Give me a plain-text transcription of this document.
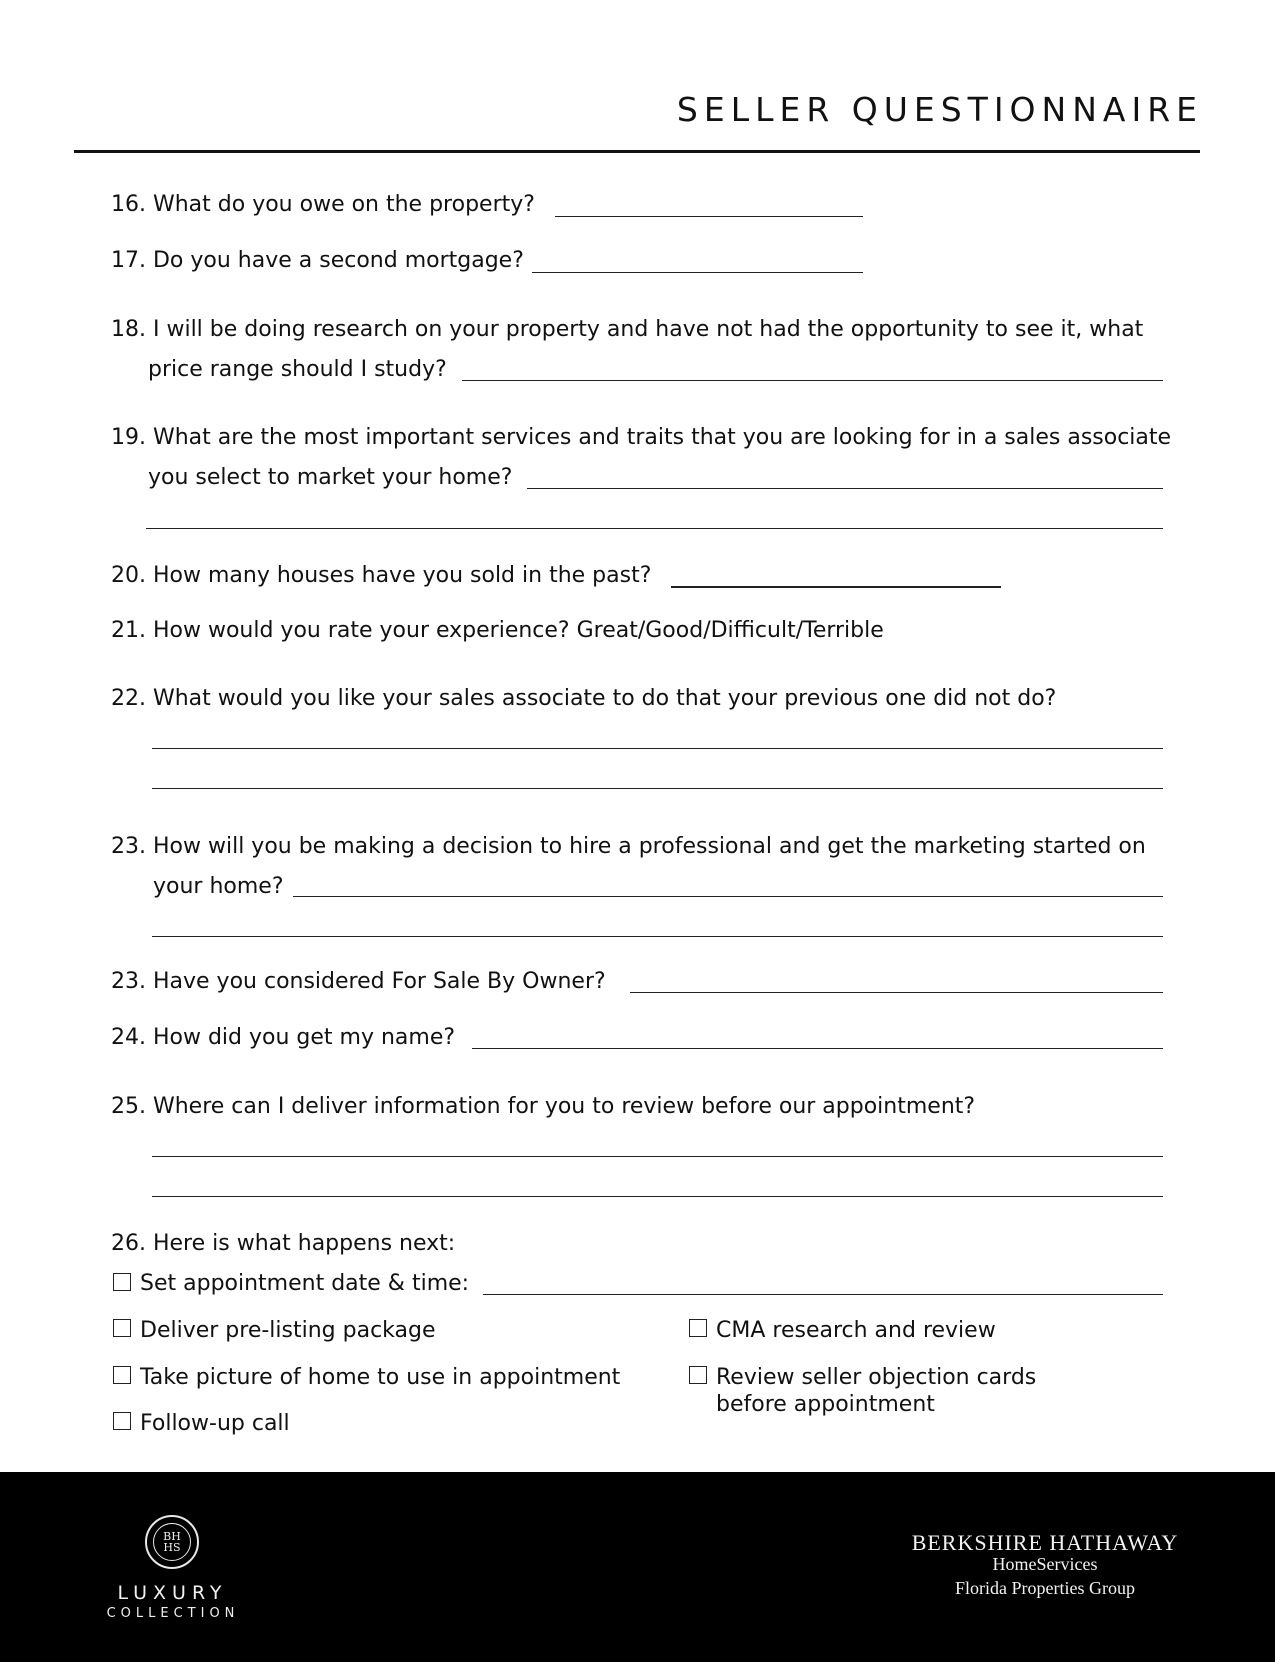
SELLER QUESTIONNAIRE
16. What do you owe on the property?
17. Do you have a second mortgage?
18. I will be doing research on your property and have not had the opportunity to see it, what
price range should I study?
19. What are the most important services and traits that you are looking for in a sales associate
you select to market your home?
20. How many houses have you sold in the past?
21. How would you rate your experience? Great/Good/Difficult/Terrible
22. What would you like your sales associate to do that your previous one did not do?
23. How will you be making a decision to hire a professional and get the marketing started on
your home?
23. Have you considered For Sale By Owner?
24. How did you get my name?
25. Where can I deliver information for you to review before our appointment?
26. Here is what happens next:
Set appointment date & time:
Deliver pre-listing package	CMA research and review
Take picture of home to use in appointment	Review seller objection cards
before appointment
Follow-up call
BH HS
LUXURY
COLLECTION
BERKSHIRE HATHAWAY
HomeServices
Florida Properties Group
